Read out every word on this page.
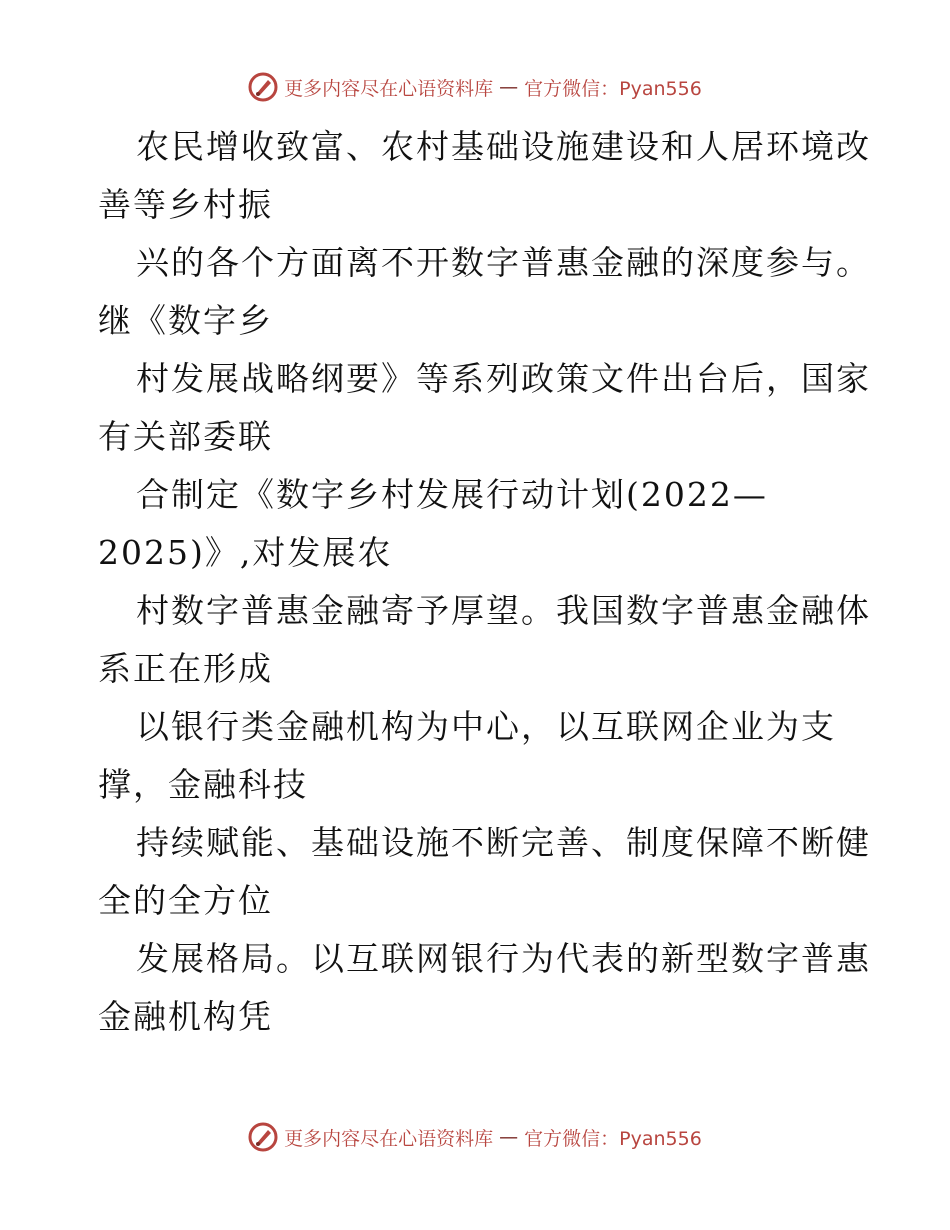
更多内容尽在心语资料库 — 官方微信：Pyan556
农民增收致富、农村基础设施建设和人居环境改
善等乡村振
兴的各个方面离不开数字普惠金融的深度参与。
继《数字乡
村发展战略纲要》等系列政策文件出台后，国家
有关部委联
合制定《数字乡村发展行动计划(2022—
2025)》,对发展农
村数字普惠金融寄予厚望。我国数字普惠金融体
系正在形成
以银行类金融机构为中心，以互联网企业为支
撑，金融科技
持续赋能、基础设施不断完善、制度保障不断健
全的全方位
发展格局。以互联网银行为代表的新型数字普惠
金融机构凭
更多内容尽在心语资料库 — 官方微信：Pyan556
